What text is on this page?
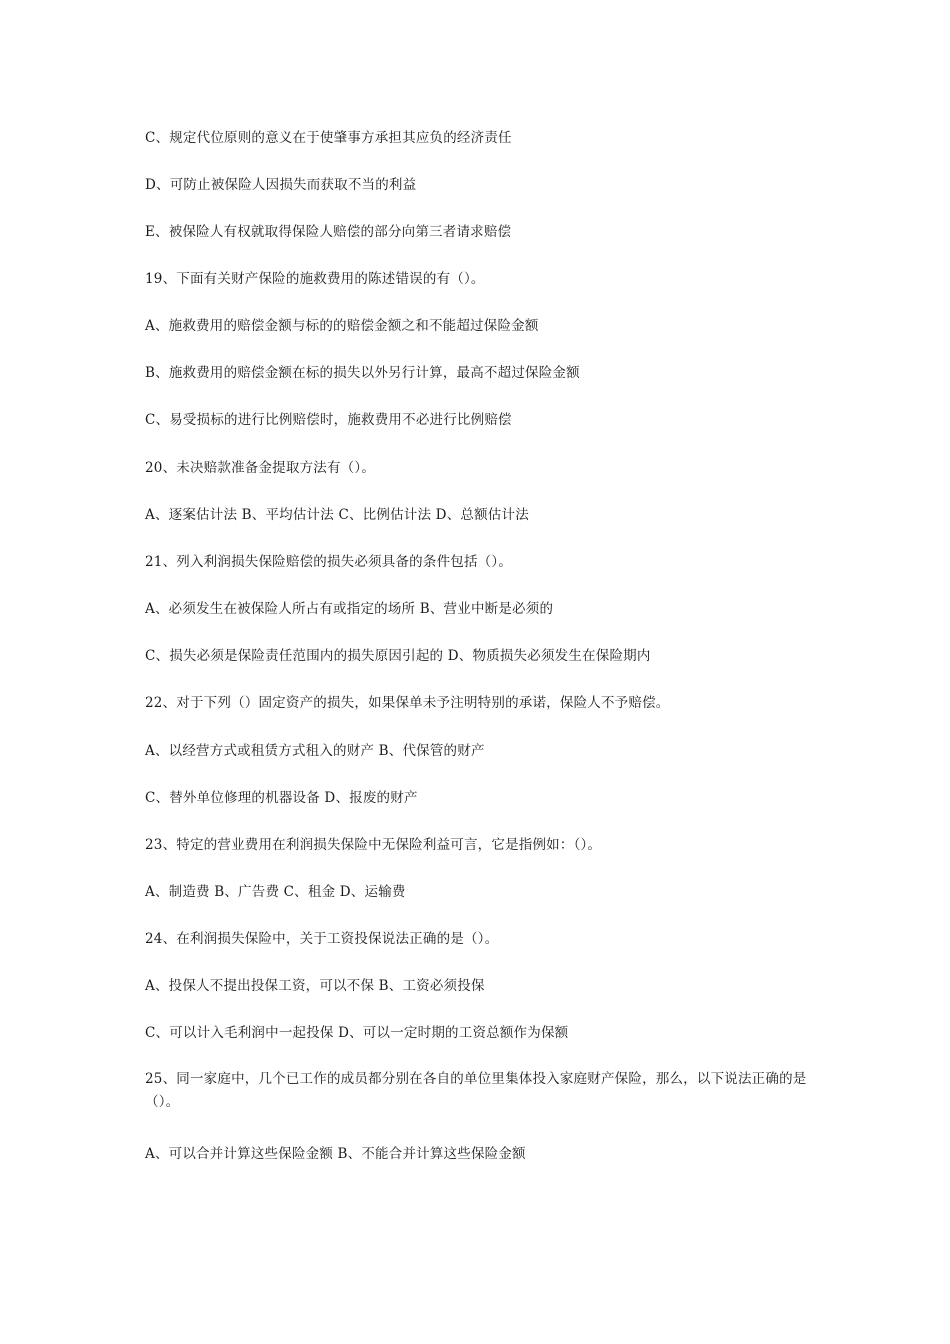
C、规定代位原则的意义在于使肇事方承担其应负的经济责任
D、可防止被保险人因损失而获取不当的利益
E、被保险人有权就取得保险人赔偿的部分向第三者请求赔偿
19、下面有关财产保险的施救费用的陈述错误的有（）。
A、施救费用的赔偿金额与标的的赔偿金额之和不能超过保险金额
B、施救费用的赔偿金额在标的损失以外另行计算，最高不超过保险金额
C、易受损标的进行比例赔偿时，施救费用不必进行比例赔偿
20、未决赔款准备金提取方法有（）。
A、逐案估计法 B、平均估计法 C、比例估计法 D、总额估计法
21、列入利润损失保险赔偿的损失必须具备的条件包括（）。
A、必须发生在被保险人所占有或指定的场所 B、营业中断是必须的
C、损失必须是保险责任范围内的损失原因引起的 D、物质损失必须发生在保险期内
22、对于下列（）固定资产的损失，如果保单未予注明特别的承诺，保险人不予赔偿。
A、以经营方式或租赁方式租入的财产 B、代保管的财产
C、替外单位修理的机器设备 D、报废的财产
23、特定的营业费用在利润损失保险中无保险利益可言，它是指例如：（）。
A、制造费 B、广告费 C、租金 D、运输费
24、在利润损失保险中，关于工资投保说法正确的是（）。
A、投保人不提出投保工资，可以不保 B、工资必须投保
C、可以计入毛利润中一起投保 D、可以一定时期的工资总额作为保额
25、同一家庭中，几个已工作的成员都分别在各自的单位里集体投入家庭财产保险，那么，以下说法正确的是（）。
A、可以合并计算这些保险金额 B、不能合并计算这些保险金额
